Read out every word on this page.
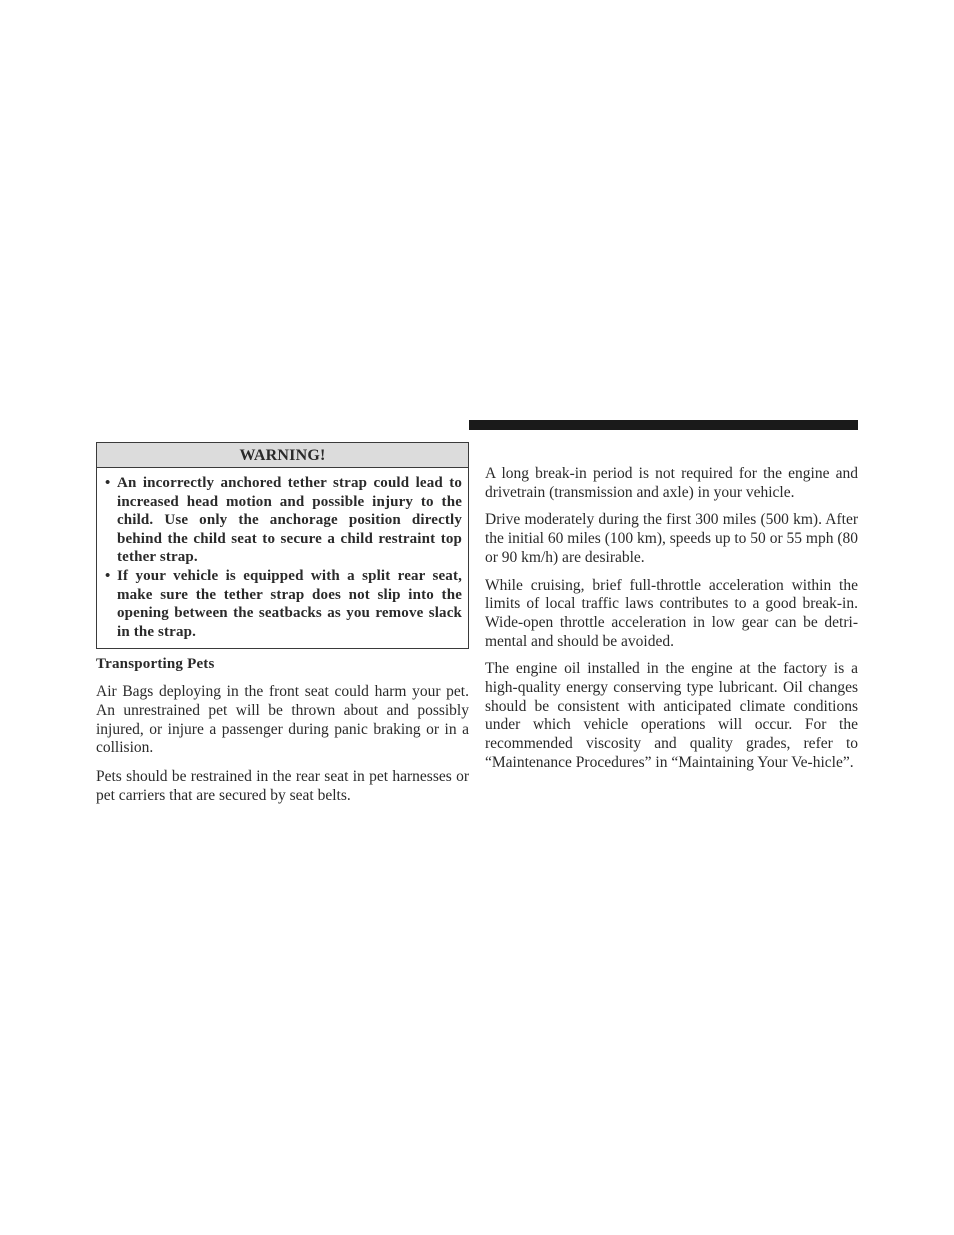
WARNING!
• An incorrectly anchored tether strap could lead to increased head motion and possible injury to the child. Use only the anchorage position directly behind the child seat to secure a child restraint top tether strap.
• If your vehicle is equipped with a split rear seat, make sure the tether strap does not slip into the opening between the seatbacks as you remove slack in the strap.
Transporting Pets

Air Bags deploying in the front seat could harm your pet. An unrestrained pet will be thrown about and possibly injured, or injure a passenger during panic braking or in a collision.

Pets should be restrained in the rear seat in pet harnesses or pet carriers that are secured by seat belts.

A long break-in period is not required for the engine and drivetrain (transmission and axle) in your vehicle.

Drive moderately during the first 300 miles (500 km). After the initial 60 miles (100 km), speeds up to 50 or 55 mph (80 or 90 km/h) are desirable.

While cruising, brief full-throttle acceleration within the limits of local traffic laws contributes to a good break-in. Wide-open throttle acceleration in low gear can be detri-mental and should be avoided.

The engine oil installed in the engine at the factory is a high-quality energy conserving type lubricant. Oil changes should be consistent with anticipated climate conditions under which vehicle operations will occur. For the recommended viscosity and quality grades, refer to “Maintenance Procedures” in “Maintaining Your Ve-hicle”.
